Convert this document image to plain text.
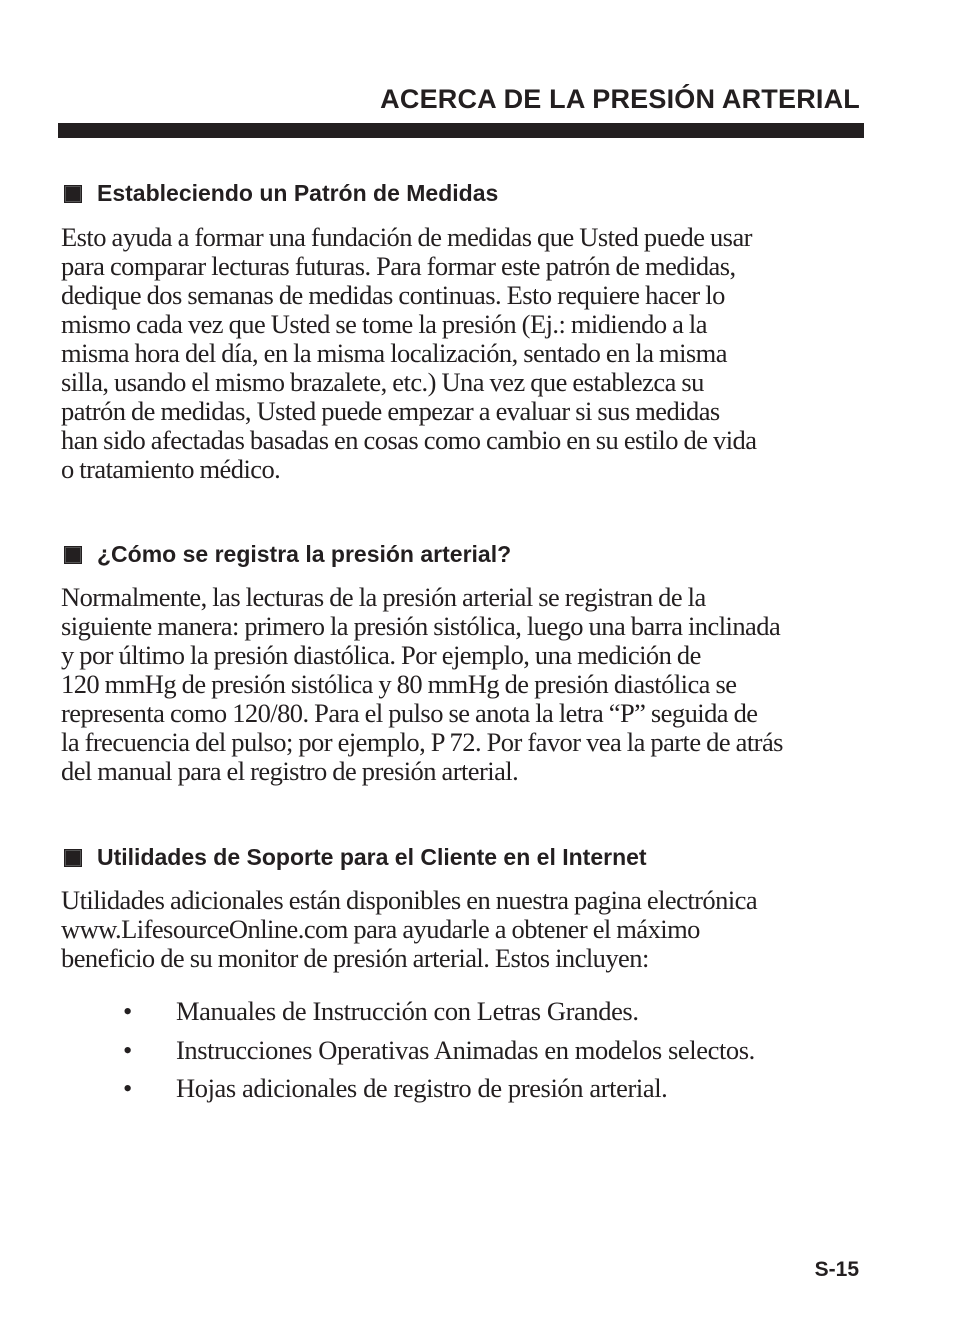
ACERCA DE LA PRESIÓN ARTERIAL
Estableciendo un Patrón de Medidas

Esto ayuda a formar una fundación de medidas que Usted puede usar
para comparar lecturas futuras. Para formar este patrón de medidas,
dedique dos semanas de medidas continuas. Esto requiere hacer lo
mismo cada vez que Usted se tome la presión (Ej.: midiendo a la
misma hora del día, en la misma localización, sentado en la misma
silla, usando el mismo brazalete, etc.) Una vez que establezca su
patrón de medidas, Usted puede empezar a evaluar si sus medidas
han sido afectadas basadas en cosas como cambio en su estilo de vida
o tratamiento médico.

¿Cómo se registra la presión arterial?

Normalmente, las lecturas de la presión arterial se registran de la
siguiente manera: primero la presión sistólica, luego una barra inclinada
y por último la presión diastólica. Por ejemplo, una medición de
120 mmHg de presión sistólica y 80 mmHg de presión diastólica se
representa como 120/80. Para el pulso se anota la letra “P” seguida de
la frecuencia del pulso; por ejemplo, P 72. Por favor vea la parte de atrás
del manual para el registro de presión arterial.

Utilidades de Soporte para el Cliente en el Internet

Utilidades adicionales están disponibles en nuestra pagina electrónica
www.LifesourceOnline.com para ayudarle a obtener el máximo
beneficio de su monitor de presión arterial. Estos incluyen:

•	Manuales de Instrucción con Letras Grandes.
•	Instrucciones Operativas Animadas en modelos selectos.
•	Hojas adicionales de registro de presión arterial.
S-15
